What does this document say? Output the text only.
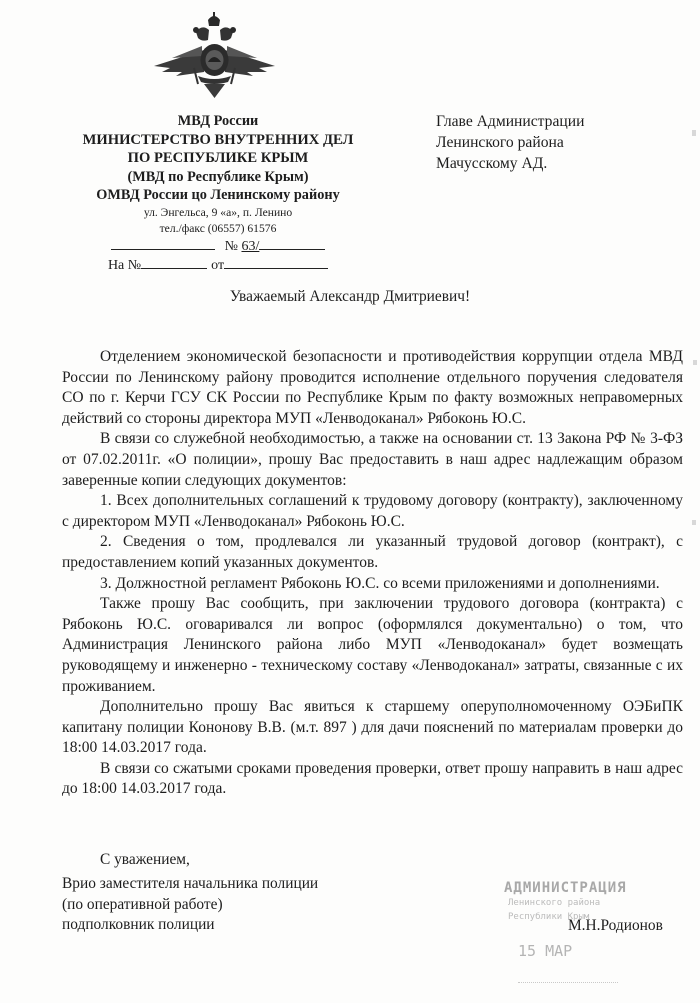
МВД России
МИНИСТЕРСТВО ВНУТРЕННИХ ДЕЛ
ПО РЕСПУБЛИКЕ КРЫМ
(МВД по Республике Крым)
ОМВД России цо Ленинскому району
ул. Энгельса, 9 «а», п. Ленино
тел./факс (06557) 61576
№ 63/
На №	от
Главе Администрации
Ленинского района
Мачусскому АД.
Уважаемый Александр Дмитриевич!

Отделением экономической безопасности и противодействия коррупции отдела МВД России по Ленинскому району проводится исполнение отдельного поручения следователя СО по г. Керчи ГСУ СК России по Республике Крым по факту возможных неправомерных действий со стороны директора МУП «Ленводоканал» Рябоконь Ю.С.

В связи со служебной необходимостью, а также на основании ст. 13 Закона РФ № 3-ФЗ от 07.02.2011г. «О полиции», прошу Вас предоставить в наш адрес надлежащим образом заверенные копии следующих документов:

1. Всех дополнительных соглашений к трудовому договору (контракту), заключенному с директором МУП «Ленводоканал» Рябоконь Ю.С.

2. Сведения о том, продлевался ли указанный трудовой договор (контракт), с предоставлением копий указанных документов.

3. Должностной регламент Рябоконь Ю.С. со всеми приложениями и дополнениями.

Также прошу Вас сообщить, при заключении трудового договора (контракта) с Рябоконь Ю.С. оговаривался ли вопрос (оформлялся документально) о том, что Администрация Ленинского района либо МУП «Ленводоканал» будет возмещать руководящему и инженерно - техническому составу «Ленводоканал» затраты, связанные с их проживанием.

Дополнительно прошу Вас явиться к старшему оперуполномоченному ОЭБиПК капитану полиции Кононову В.В. (м.т. 897 ) для дачи пояснений по материалам проверки до 18:00 14.03.2017 года.

В связи со сжатыми сроками проведения проверки, ответ прошу направить в наш адрес до 18:00 14.03.2017 года.

С уважением,
Врио заместителя начальника полиции
(по оперативной работе)
подполковник полиции
АДМИНИСТРАЦИЯ
Ленинского района
Республики Крым
15 МАР
М.Н.Родионов
